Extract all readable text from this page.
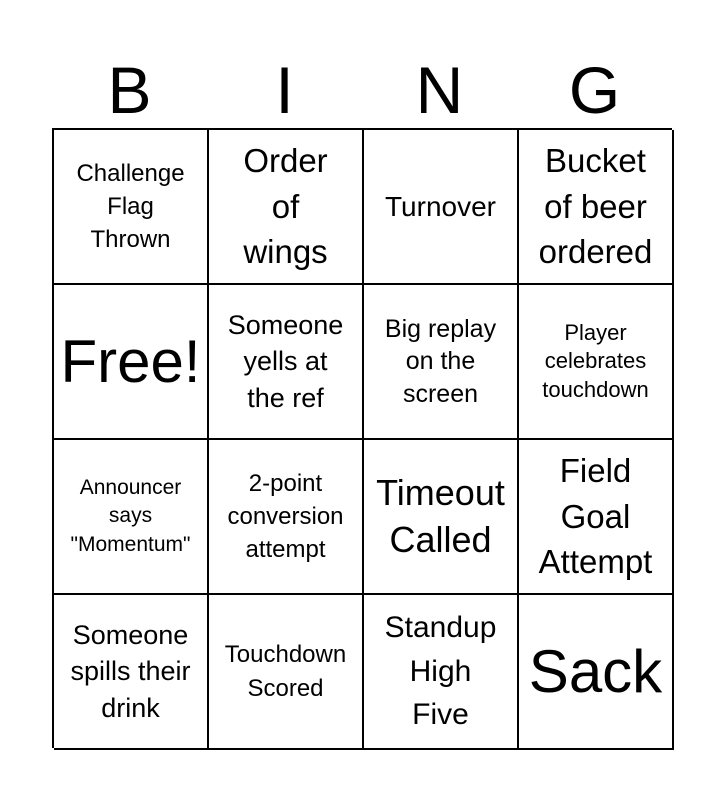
B	I	N	G
Challenge
Flag
Thrown
Order
of
wings
Turnover
Bucket
of beer
ordered
Free!
Someone
yells at
the ref
Big replay
on the
screen
Player
celebrates
touchdown
Announcer
says
"Momentum"
2-point
conversion
attempt
Timeout
Called
Field
Goal
Attempt
Someone
spills their
drink
Touchdown
Scored
Standup
High
Five
Sack
